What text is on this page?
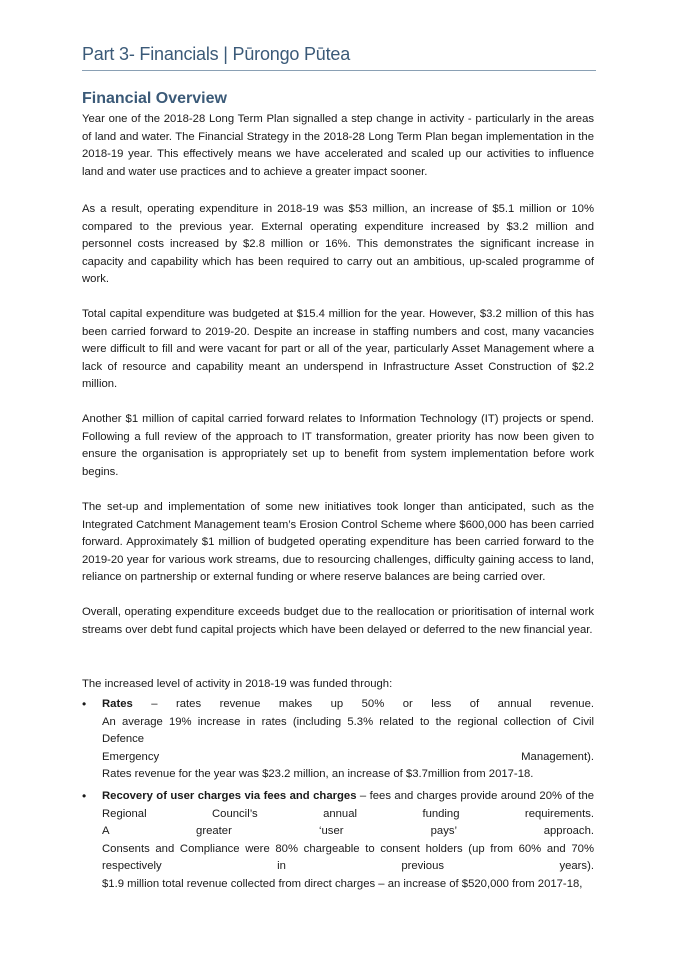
Part 3- Financials | Pūrongo Pūtea
Financial Overview
Year one of the 2018-28 Long Term Plan signalled a step change in activity - particularly in the areas of land and water. The Financial Strategy in the 2018-28 Long Term Plan began implementation in the 2018-19 year. This effectively means we have accelerated and scaled up our activities to influence land and water use practices and to achieve a greater impact sooner.
As a result, operating expenditure in 2018-19 was $53 million, an increase of $5.1 million or 10% compared to the previous year. External operating expenditure increased by $3.2 million and personnel costs increased by $2.8 million or 16%. This demonstrates the significant increase in capacity and capability which has been required to carry out an ambitious, up-scaled programme of work.
Total capital expenditure was budgeted at $15.4 million for the year. However, $3.2 million of this has been carried forward to 2019-20. Despite an increase in staffing numbers and cost, many vacancies were difficult to fill and were vacant for part or all of the year, particularly Asset Management where a lack of resource and capability meant an underspend in Infrastructure Asset Construction of $2.2 million.
Another $1 million of capital carried forward relates to Information Technology (IT) projects or spend. Following a full review of the approach to IT transformation, greater priority has now been given to ensure the organisation is appropriately set up to benefit from system implementation before work begins.
The set-up and implementation of some new initiatives took longer than anticipated, such as the Integrated Catchment Management team’s Erosion Control Scheme where $600,000 has been carried forward. Approximately $1 million of budgeted operating expenditure has been carried forward to the 2019-20 year for various work streams, due to resourcing challenges, difficulty gaining access to land, reliance on partnership or external funding or where reserve balances are being carried over.
Overall, operating expenditure exceeds budget due to the reallocation or prioritisation of internal work streams over debt fund capital projects which have been delayed or deferred to the new financial year.
The increased level of activity in 2018-19 was funded through:
•	Rates – rates revenue makes up 50% or less of annual revenue.
An average 19% increase in rates (including 5.3% related to the regional collection of Civil Defence
Emergency Management).
Rates revenue for the year was $23.2 million, an increase of $3.7million from 2017-18.
•	Recovery of user charges via fees and charges – fees and charges provide around 20% of the
Regional Council’s annual funding requirements.
A greater ‘user pays’ approach.
Consents and Compliance were 80% chargeable to consent holders (up from 60% and 70%
respectively in previous years).
$1.9 million total revenue collected from direct charges – an increase of $520,000 from 2017-18,
